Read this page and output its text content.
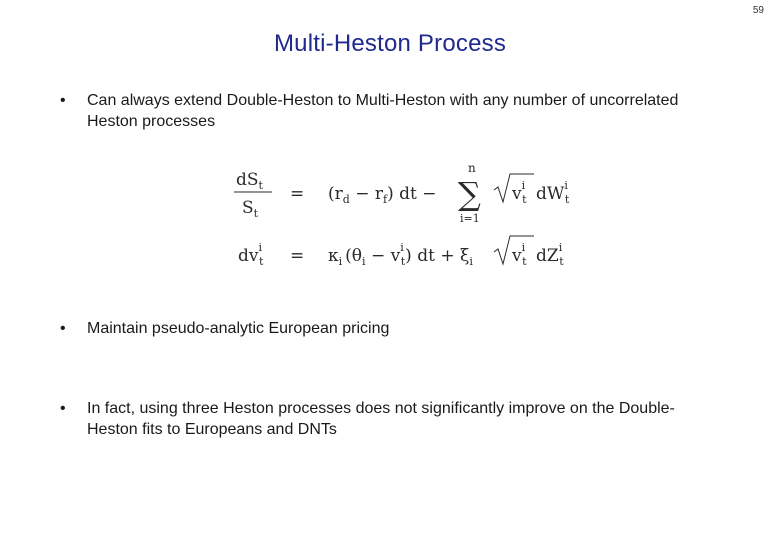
59
Multi-Heston Process
• Can always extend Double-Heston to Multi-Heston with any number of uncorrelated Heston processes
$dS_t$
$S_t$
= $(r_d - r_f)$ dt −
n
∑
i=1
$v^i$ t $dW^i$ t
$dv^i$ $t = \kappa_i$ ($\theta_i - v^i$ t) dt + $\xi_i$ $v^i$ t $dZ^i$ t
• Maintain pseudo-analytic European pricing
• In fact, using three Heston processes does not significantly improve on the Double-Heston fits to Europeans and DNTs
